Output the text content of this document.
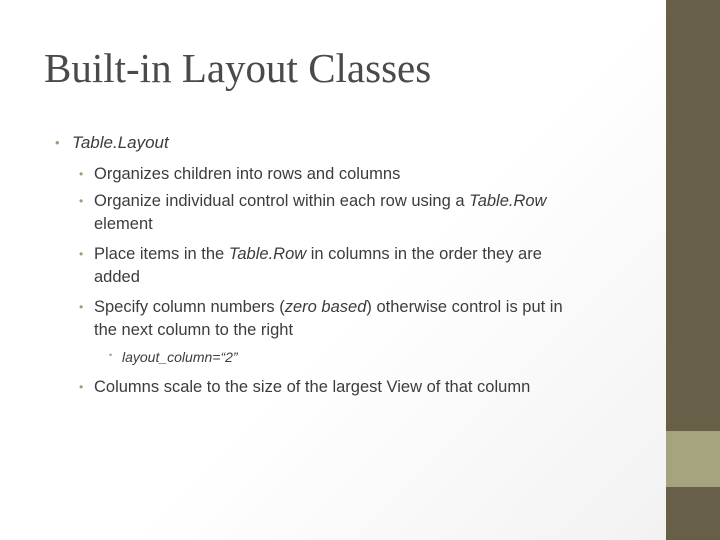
Built-in Layout Classes
• Table.Layout
• Organizes children into rows and columns
• Organize individual control within each row using a Table.Row
element
• Place items in the Table.Row in columns in the order they are
added
• Specify column numbers (zero based) otherwise control is put in
the next column to the right
• layout_column=“2”
• Columns scale to the size of the largest View of that column
